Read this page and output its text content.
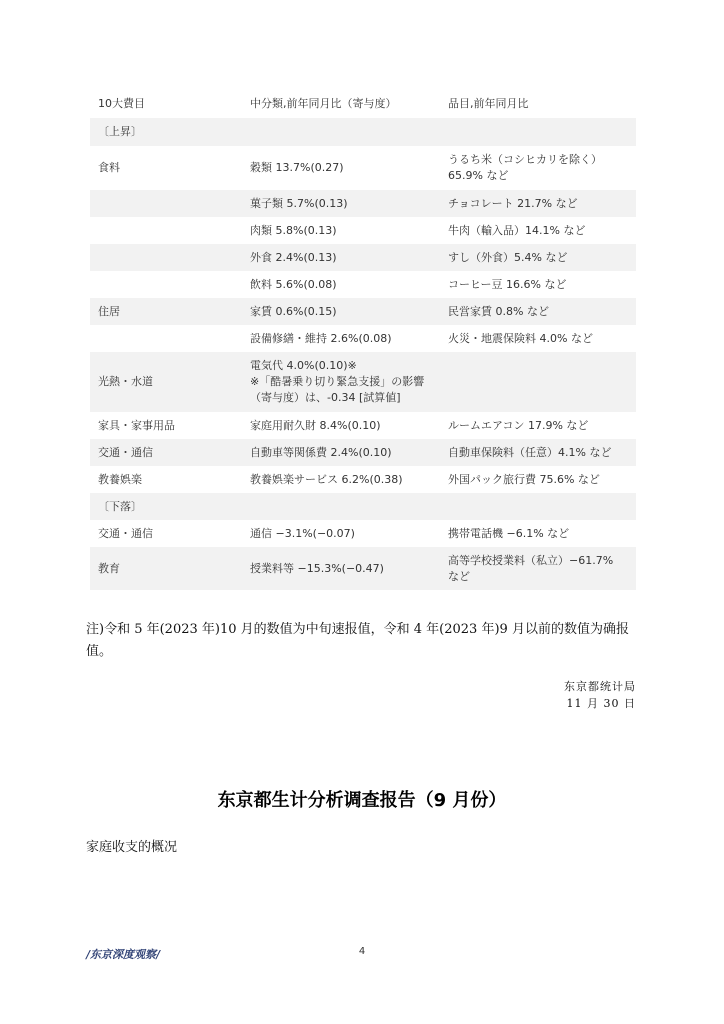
10大費目	中分類,前年同月比（寄与度）	品目,前年同月比
〔上昇〕		
食料	穀類 13.7%(0.27)	うるち米（コシヒカリを除く）
65.9% など
	菓子類 5.7%(0.13)	チョコレート 21.7% など
	肉類 5.8%(0.13)	牛肉（輸入品）14.1% など
	外食 2.4%(0.13)	すし（外食）5.4% など
	飲料 5.6%(0.08)	コーヒー豆 16.6% など
住居	家賃 0.6%(0.15)	民営家賃 0.8% など
	設備修繕・維持 2.6%(0.08)	火災・地震保険料 4.0% など
光熱・水道	電気代 4.0%(0.10)※
※「酷暑乗り切り緊急支援」の影響
（寄与度）は、-0.34 [試算値]	
家具・家事用品	家庭用耐久財 8.4%(0.10)	ルームエアコン 17.9% など
交通・通信	自動車等関係費 2.4%(0.10)	自動車保険料（任意）4.1% など
教養娯楽	教養娯楽サービス 6.2%(0.38)	外国パック旅行費 75.6% など
〔下落〕		
交通・通信	通信 −3.1%(−0.07)	携帯電話機 −6.1% など
教育	授業料等 −15.3%(−0.47)	高等学校授業料（私立）−61.7%
など
注)令和 5 年(2023 年)10 月的数值为中旬速报值，令和 4 年(2023 年)9 月以前的数值为确报值。
东京都统计局
11 月 30 日
东京都生计分析调查报告（9 月份）
家庭收支的概况
/东京深度观察/	4
